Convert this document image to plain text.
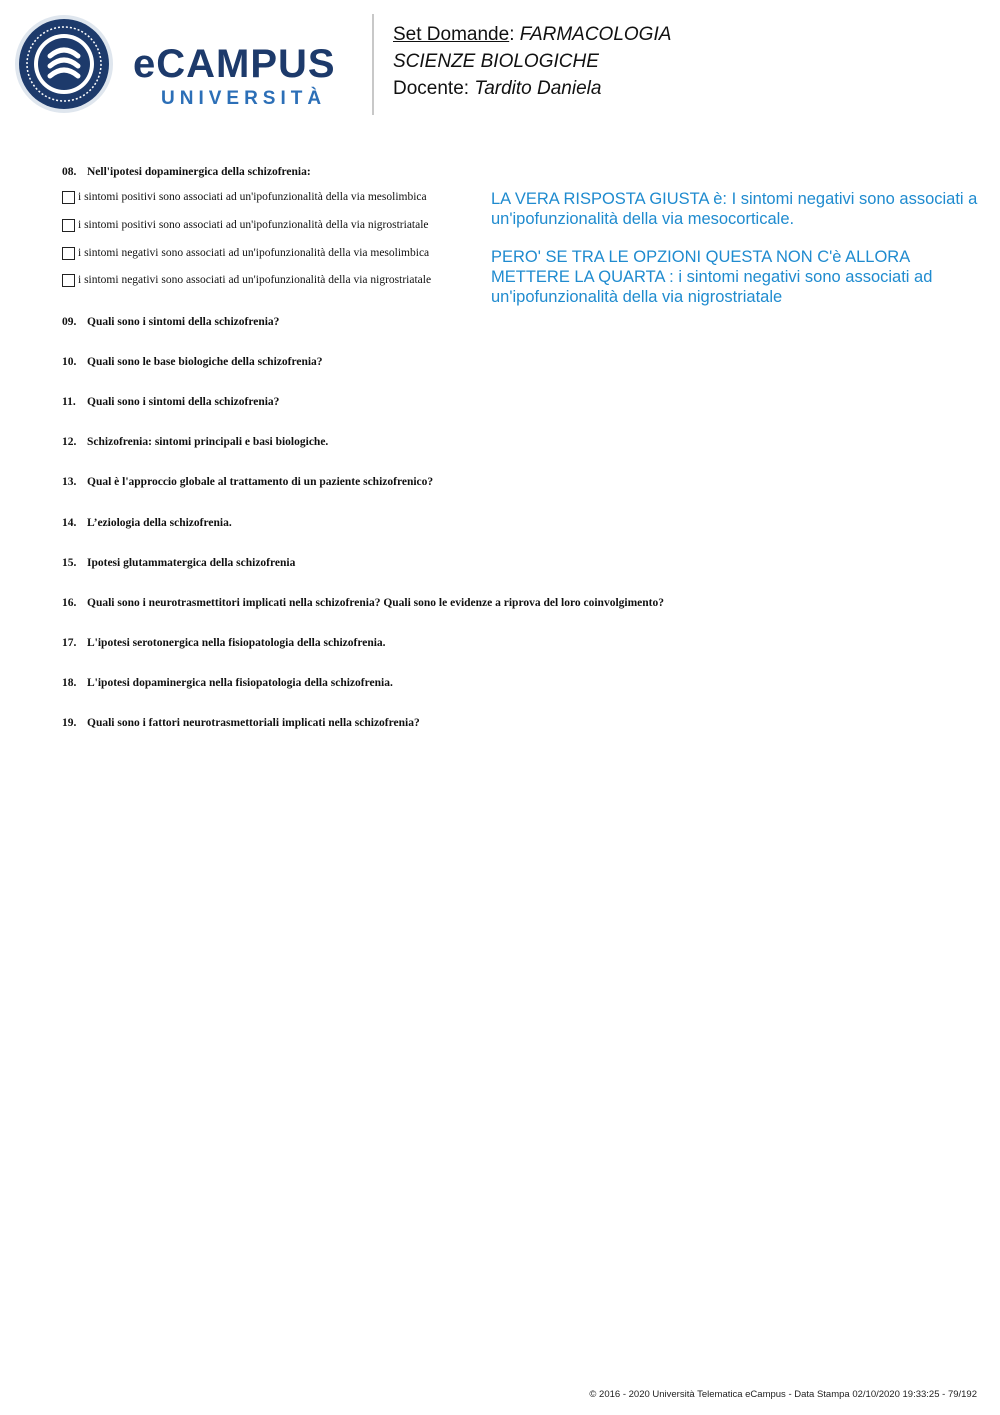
eCAMPUS
UNIVERSITÀ
Set Domande: FARMACOLOGIA
SCIENZE BIOLOGICHE
Docente: Tardito Daniela
08. Nell'ipotesi dopaminergica della schizofrenia:
i sintomi positivi sono associati ad un'ipofunzionalità della via mesolimbica
i sintomi positivi sono associati ad un'ipofunzionalità della via nigrostriatale
i sintomi negativi sono associati ad un'ipofunzionalità della via mesolimbica
i sintomi negativi sono associati ad un'ipofunzionalità della via nigrostriatale
LA VERA RISPOSTA GIUSTA è: I sintomi negativi sono associati a un'ipofunzionalità della via mesocorticale.
PERO' SE TRA LE OPZIONI QUESTA NON C'è ALLORA METTERE LA QUARTA : i sintomi negativi sono associati ad un'ipofunzionalità della via nigrostriatale
09. Quali sono i sintomi della schizofrenia?
10. Quali sono le base biologiche della schizofrenia?
11. Quali sono i sintomi della schizofrenia?
12. Schizofrenia: sintomi principali e basi biologiche.
13. Qual è l'approccio globale al trattamento di un paziente schizofrenico?
14. L’eziologia della schizofrenia.
15. Ipotesi glutammatergica della schizofrenia
16. Quali sono i neurotrasmettitori implicati nella schizofrenia? Quali sono le evidenze a riprova del loro coinvolgimento?
17. L'ipotesi serotonergica nella fisiopatologia della schizofrenia.
18. L'ipotesi dopaminergica nella fisiopatologia della schizofrenia.
19. Quali sono i fattori neurotrasmettoriali implicati nella schizofrenia?
© 2016 - 2020 Università Telematica eCampus - Data Stampa 02/10/2020 19:33:25 - 79/192
